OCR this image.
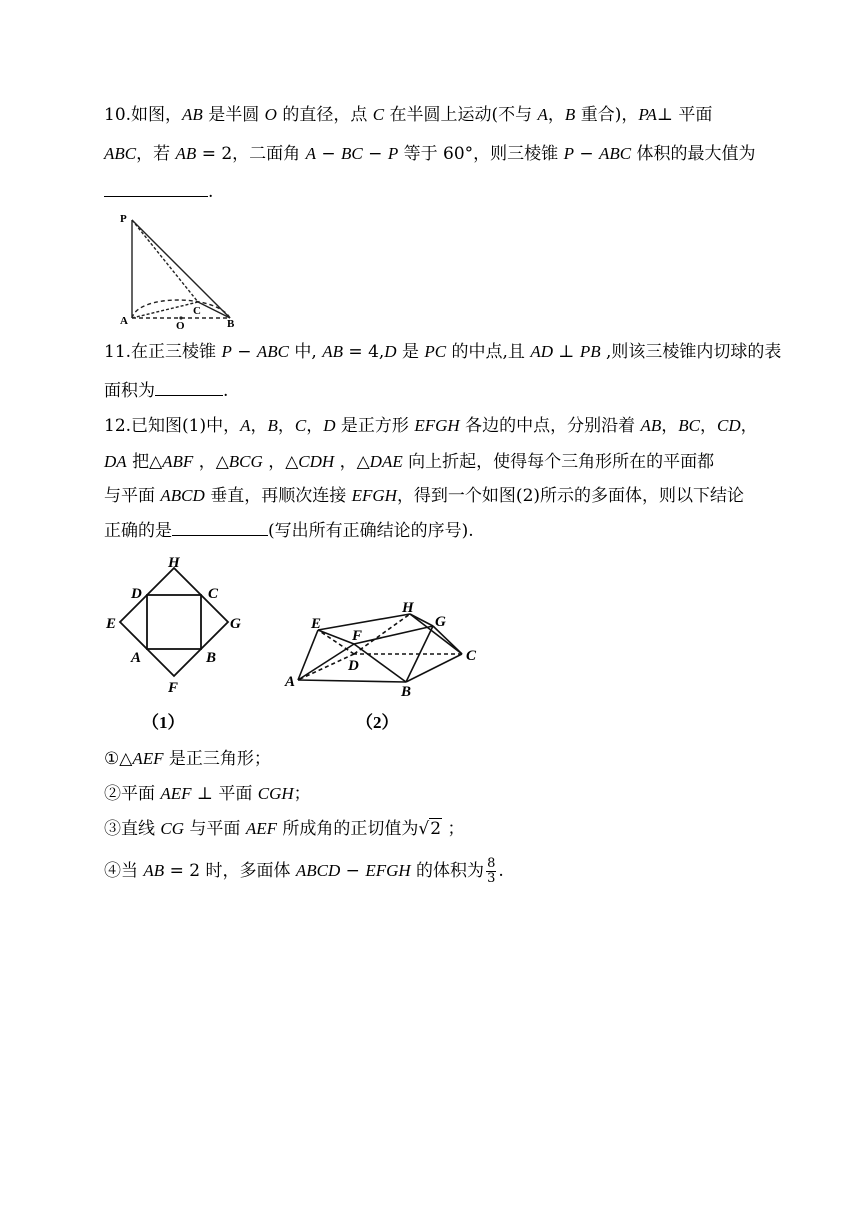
10.如图，AB 是半圆 O 的直径，点 C 在半圆上运动(不与 A，B 重合)，PA⊥ 平面
ABC，若 AB = 2，二面角 A − BC − P 等于 60°，则三棱锥 P − ABC 体积的最大值为
.
P
A	O
C
B
11.在正三棱锥 P − ABC 中, AB = 4,D 是 PC 的中点,且 AD ⊥ PB ,则该三棱锥内切球的表
面积为	.
12.已知图(1)中，A，B，C，D 是正方形 EFGH 各边的中点，分别沿着 AB，BC，CD，
DA 把△ABF ，△BCG ，△CDH ，△DAE 向上折起，使得每个三角形所在的平面都
与平面 ABCD 垂直，再顺次连接 EFGH，得到一个如图(2)所示的多面体，则以下结论
正确的是	(写出所有正确结论的序号).
H
D	C
E	G
A	B
F
（1）
E
H
G
F
D
C
A
B
（2）
①△AEF 是正三角形；
②平面 AEF ⊥ 平面 CGH；
③直线 CG 与平面 AEF 所成角的正切值为√2 ；
④当 AB = 2 时，多面体 ABCD − EFGH 的体积为 $\frac{8}{3}$ .
